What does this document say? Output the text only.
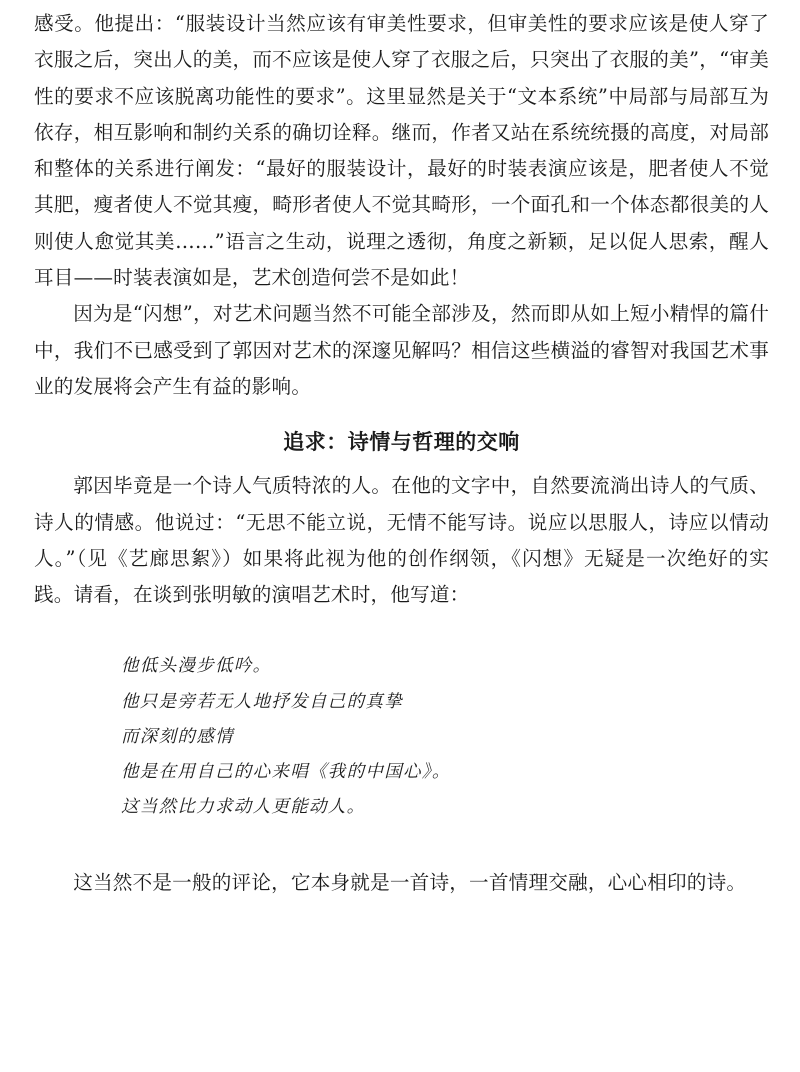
感受。他提出：“服装设计当然应该有审美性要求，但审美性的要求应该是使人穿了衣服之后，突出人的美，而不应该是使人穿了衣服之后，只突出了衣服的美”，“审美性的要求不应该脱离功能性的要求”。这里显然是关于“文本系统”中局部与局部互为依存，相互影响和制约关系的确切诠释。继而，作者又站在系统统摄的高度，对局部和整体的关系进行阐发：“最好的服装设计，最好的时装表演应该是，肥者使人不觉其肥，瘦者使人不觉其瘦，畸形者使人不觉其畸形，一个面孔和一个体态都很美的人则使人愈觉其美……”语言之生动，说理之透彻，角度之新颖，足以促人思索，醒人耳目——时装表演如是，艺术创造何尝不是如此！

因为是“闪想”，对艺术问题当然不可能全部涉及，然而即从如上短小精悍的篇什中，我们不已感受到了郭因对艺术的深邃见解吗？相信这些横溢的睿智对我国艺术事业的发展将会产生有益的影响。

追求：诗情与哲理的交响

郭因毕竟是一个诗人气质特浓的人。在他的文字中，自然要流淌出诗人的气质、诗人的情感。他说过：“无思不能立说，无情不能写诗。说应以思服人，诗应以情动人。”（见《艺廊思絮》）如果将此视为他的创作纲领，《闪想》无疑是一次绝好的实践。请看，在谈到张明敏的演唱艺术时，他写道：

他低头漫步低吟。
他只是旁若无人地抒发自己的真挚
而深刻的感情
他是在用自己的心来唱《我的中国心》。
这当然比力求动人更能动人。

这当然不是一般的评论，它本身就是一首诗，一首情理交融，心心相印的诗。
